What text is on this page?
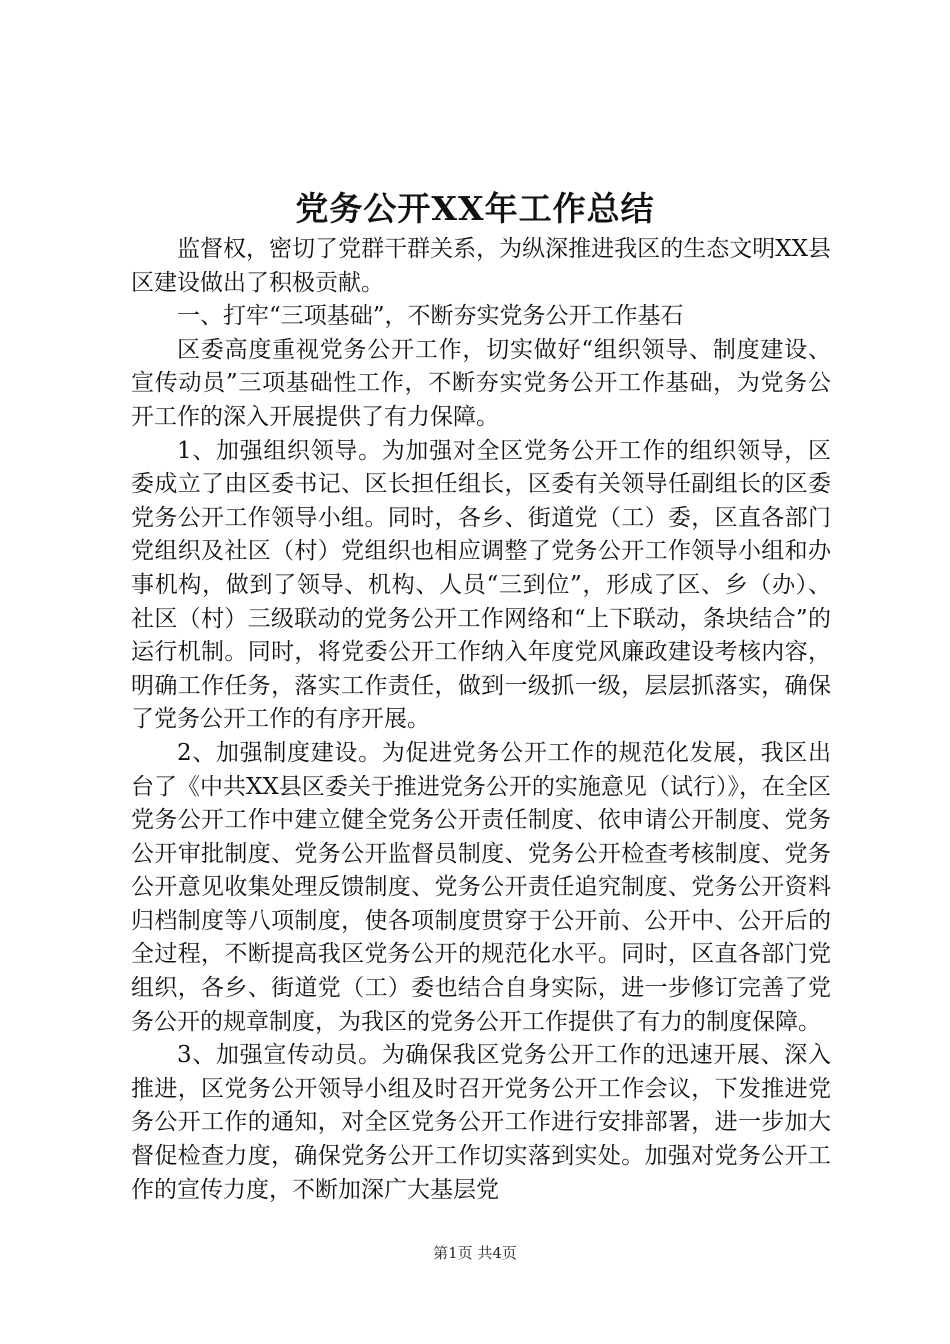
党务公开XX年工作总结

监督权，密切了党群干群关系，为纵深推进我区的生态文明XX县区建设做出了积极贡献。

一、打牢“三项基础”，不断夯实党务公开工作基石

区委高度重视党务公开工作，切实做好“组织领导、制度建设、宣传动员”三项基础性工作，不断夯实党务公开工作基础，为党务公开工作的深入开展提供了有力保障。

1、加强组织领导。为加强对全区党务公开工作的组织领导，区委成立了由区委书记、区长担任组长，区委有关领导任副组长的区委党务公开工作领导小组。同时，各乡、街道党（工）委，区直各部门党组织及社区（村）党组织也相应调整了党务公开工作领导小组和办事机构，做到了领导、机构、人员“三到位”，形成了区、乡（办）、社区（村）三级联动的党务公开工作网络和“上下联动，条块结合”的运行机制。同时，将党委公开工作纳入年度党风廉政建设考核内容，明确工作任务，落实工作责任，做到一级抓一级，层层抓落实，确保了党务公开工作的有序开展。

2、加强制度建设。为促进党务公开工作的规范化发展，我区出台了《中共XX县区委关于推进党务公开的实施意见（试行）》，在全区党务公开工作中建立健全党务公开责任制度、依申请公开制度、党务公开审批制度、党务公开监督员制度、党务公开检查考核制度、党务公开意见收集处理反馈制度、党务公开责任追究制度、党务公开资料归档制度等八项制度，使各项制度贯穿于公开前、公开中、公开后的全过程，不断提高我区党务公开的规范化水平。同时，区直各部门党组织，各乡、街道党（工）委也结合自身实际，进一步修订完善了党务公开的规章制度，为我区的党务公开工作提供了有力的制度保障。

3、加强宣传动员。为确保我区党务公开工作的迅速开展、深入推进，区党务公开领导小组及时召开党务公开工作会议，下发推进党务公开工作的通知，对全区党务公开工作进行安排部署，进一步加大督促检查力度，确保党务公开工作切实落到实处。加强对党务公开工作的宣传力度，不断加深广大基层党

第1页 共4页
